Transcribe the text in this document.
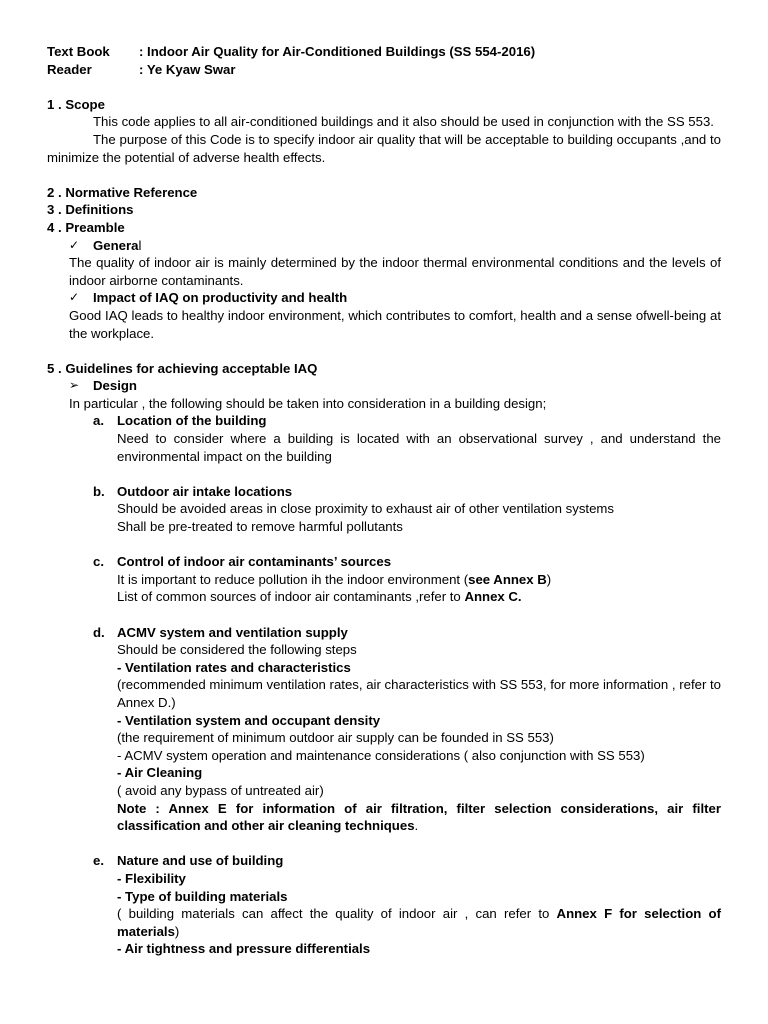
Text Book	: Indoor Air Quality for Air-Conditioned Buildings (SS 554-2016)
Reader	: Ye Kyaw Swar
1 . Scope
This code applies to all air-conditioned buildings and it also should be used in conjunction with the SS 553.
The purpose of this Code is to specify indoor air quality that will be acceptable to building occupants ,and to minimize the potential of adverse health effects.
2 . Normative Reference
3 . Definitions
4 . Preamble
✓	General
The quality of indoor air is mainly determined by the indoor thermal environmental conditions and the levels of indoor airborne contaminants.
✓	Impact of IAQ on productivity and health
Good IAQ leads to healthy indoor environment, which contributes to comfort, health and a sense ofwell-being at the workplace.
5 . Guidelines for achieving acceptable IAQ
➢	Design
In particular , the following should be taken into consideration in a building design;
a. Location of the building
Need to consider where a building is located with an observational survey , and understand the environmental impact on the building
b. Outdoor air intake locations
Should be avoided areas in close proximity to exhaust air of other ventilation systems
Shall be pre-treated to remove harmful pollutants
c. Control of indoor air contaminants’ sources
It is important to reduce pollution ih the indoor environment (see Annex B)
List of common sources of indoor air contaminants ,refer to Annex C.
d. ACMV system and ventilation supply
Should be considered the following steps
- Ventilation rates and characteristics
(recommended minimum ventilation rates, air characteristics with SS 553, for more information , refer to Annex D.)
- Ventilation system and occupant density
(the requirement of minimum outdoor air supply can be founded in SS 553)
- ACMV system operation and maintenance considerations ( also conjunction with SS 553)
- Air Cleaning
( avoid any bypass of untreated air)
Note : Annex E for information of air filtration, filter selection considerations, air filter classification and other air cleaning techniques.
e. Nature and use of building
- Flexibility
- Type of building materials
( building materials can affect the quality of indoor air , can refer to Annex F for selection of materials)
- Air tightness and pressure differentials
